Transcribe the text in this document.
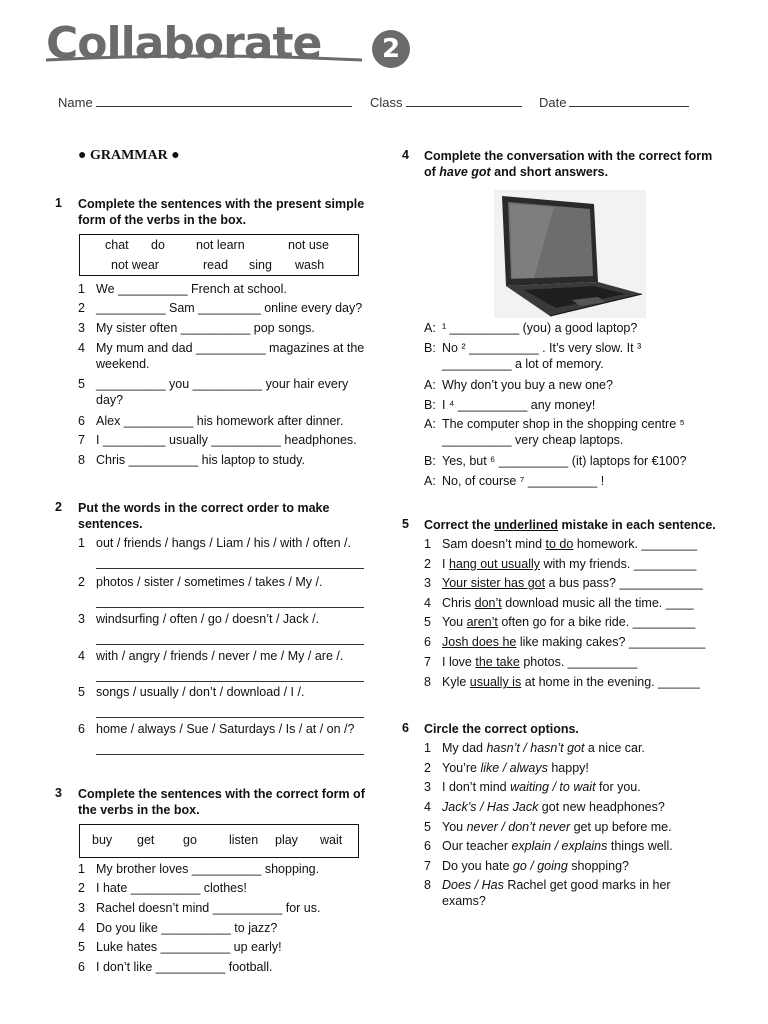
Collaborate	2
Name	Class	Date
● GRAMMAR ●
1 Complete the sentences with the present simple form of the verbs in the box.
chat do not learn	not use
not wear	read sing wash
1 We __________ French at school.
2 __________ Sam _________ online every day?
3 My sister often __________ pop songs.
4 My mum and dad __________ magazines at the weekend.
5 __________ you __________ your hair every day?
6 Alex __________ his homework after dinner.
7 I _________ usually __________ headphones.
8 Chris __________ his laptop to study.
2 Put the words in the correct order to make sentences.
1 out / friends / hangs / Liam / his / with / often /.
2 photos / sister / sometimes / takes / My /.
3 windsurfing / often / go / doesn’t / Jack /.
4 with / angry / friends / never / me / My / are /.
5 songs / usually / don’t / download / I /.
6 home / always / Sue / Saturdays / Is / at / on /?
3 Complete the sentences with the correct form of the verbs in the box.
buy get go	listen play wait
1 My brother loves __________ shopping.
2 I hate __________ clothes!
3 Rachel doesn’t mind __________ for us.
4 Do you like __________ to jazz?
5 Luke hates __________ up early!
6 I don’t like __________ football.
4 Complete the conversation with the correct form of have got and short answers.
A: ¹ __________ (you) a good laptop?
B: No ² __________ . It’s very slow. It ³ __________ a lot of memory.
A: Why don’t you buy a new one?
B: I ⁴ __________ any money!
A: The computer shop in the shopping centre ⁵ __________ very cheap laptops.
B: Yes, but ⁶ __________ (it) laptops for €100?
A: No, of course ⁷ __________ !
5 Correct the underlined mistake in each sentence.
1 Sam doesn’t mind to do homework. ________
2 I hang out usually with my friends. _________
3 Your sister has got a bus pass? ____________
4 Chris don’t download music all the time. ____
5 You aren’t often go for a bike ride. _________
6 Josh does he like making cakes? ___________
7 I love the take photos. __________
8 Kyle usually is at home in the evening. ______
6 Circle the correct options.
1 My dad hasn’t / hasn’t got a nice car.
2 You’re like / always happy!
3 I don’t mind waiting / to wait for you.
4 Jack’s / Has Jack got new headphones?
5 You never / don’t never get up before me.
6 Our teacher explain / explains things well.
7 Do you hate go / going shopping?
8 Does / Has Rachel get good marks in her exams?
